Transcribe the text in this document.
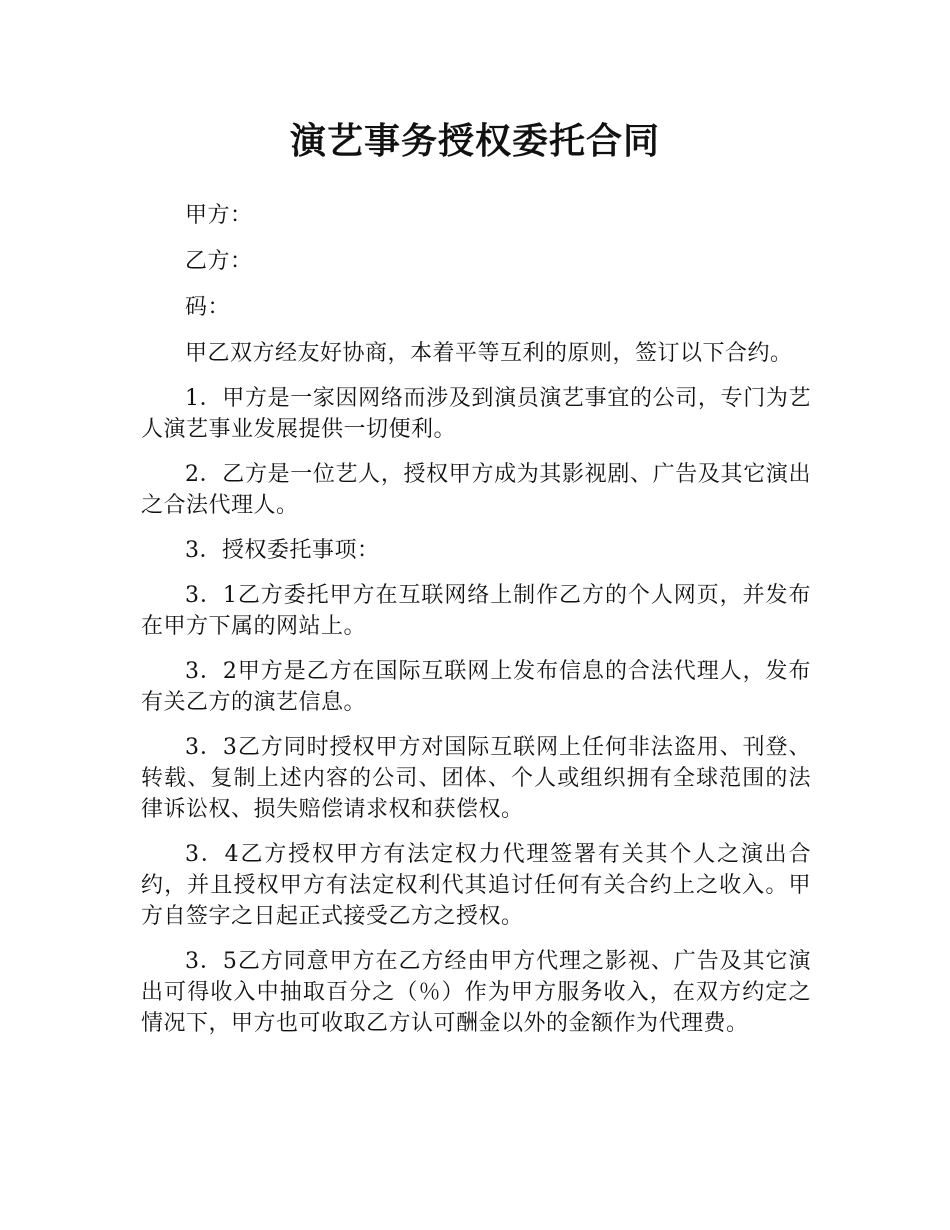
演艺事务授权委托合同

甲方：

乙方：

码：

甲乙双方经友好协商，本着平等互利的原则，签订以下合约。

1．甲方是一家因网络而涉及到演员演艺事宜的公司，专门为艺人演艺事业发展提供一切便利。

2．乙方是一位艺人，授权甲方成为其影视剧、广告及其它演出之合法代理人。

3．授权委托事项：

3．1乙方委托甲方在互联网络上制作乙方的个人网页，并发布在甲方下属的网站上。

3．2甲方是乙方在国际互联网上发布信息的合法代理人，发布有关乙方的演艺信息。

3．3乙方同时授权甲方对国际互联网上任何非法盗用、刊登、转载、复制上述内容的公司、团体、个人或组织拥有全球范围的法律诉讼权、损失赔偿请求权和获偿权。

3．4乙方授权甲方有法定权力代理签署有关其个人之演出合约，并且授权甲方有法定权利代其追讨任何有关合约上之收入。甲方自签字之日起正式接受乙方之授权。

3．5乙方同意甲方在乙方经由甲方代理之影视、广告及其它演出可得收入中抽取百分之（％）作为甲方服务收入，在双方约定之情况下，甲方也可收取乙方认可酬金以外的金额作为代理费。
